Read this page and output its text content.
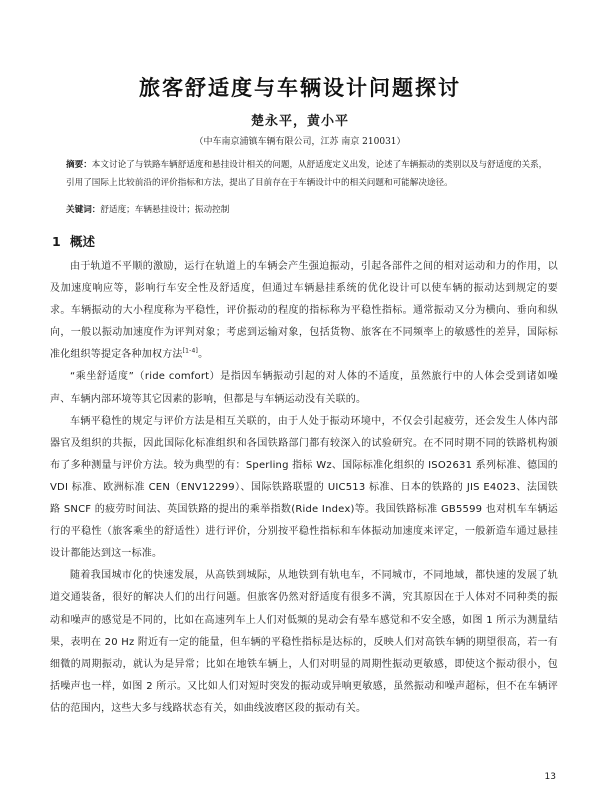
旅客舒适度与车辆设计问题探讨
楚永平，黄小平
（中车南京浦镇车辆有限公司，江苏 南京 210031）
摘要：本文讨论了与铁路车辆舒适度和悬挂设计相关的问题，从舒适度定义出发，论述了车辆振动的类别以及与舒适度的关系，引用了国际上比较前沿的评价指标和方法，提出了目前存在于车辆设计中的相关问题和可能解决途径。
关键词：舒适度；车辆悬挂设计；振动控制
1 概述

由于轨道不平顺的激励，运行在轨道上的车辆会产生强迫振动，引起各部件之间的相对运动和力的作用，以及加速度响应等，影响行车安全性及舒适度，但通过车辆悬挂系统的优化设计可以使车辆的振动达到规定的要求。车辆振动的大小程度称为平稳性，评价振动的程度的指标称为平稳性指标。通常振动又分为横向、垂向和纵向，一般以振动加速度作为评判对象；考虑到运输对象，包括货物、旅客在不同频率上的敏感性的差异，国际标准化组织等提定各种加权方法[1-4]。

“乘坐舒适度”（ride comfort）是指因车辆振动引起的对人体的不适度，虽然旅行中的人体会受到诸如噪声、车辆内部环境等其它因素的影响，但都是与车辆运动没有关联的。

车辆平稳性的规定与评价方法是相互关联的，由于人处于振动环境中，不仅会引起疲劳，还会发生人体内部器官及组织的共振，因此国际化标准组织和各国铁路部门都有较深入的试验研究。在不同时期不同的铁路机构颁布了多种测量与评价方法。较为典型的有：Sperling 指标 Wz、国际标准化组织的 ISO2631 系列标准、德国的 VDI 标准、欧洲标准 CEN（ENV12299）、国际铁路联盟的 UIC513 标准、日本的铁路的 JIS E4023、法国铁路 SNCF 的疲劳时间法、英国铁路的提出的乘举指数(Ride Index)等。我国铁路标准 GB5599 也对机车车辆运行的平稳性（旅客乘坐的舒适性）进行评价，分别按平稳性指标和车体振动加速度来评定，一般新造车通过悬挂设计都能达到这一标准。

随着我国城市化的快速发展，从高铁到城际，从地铁到有轨电车，不同城市，不同地域，都快速的发展了轨道交通装备，很好的解决人们的出行问题。但旅客仍然对舒适度有很多不满，究其原因在于人体对不同种类的振动和噪声的感觉是不同的，比如在高速列车上人们对低频的晃动会有晕车感觉和不安全感，如图 1 所示为测量结果，表明在 20 Hz 附近有一定的能量，但车辆的平稳性指标是达标的，反映人们对高铁车辆的期望很高，若一有细微的周期振动，就认为是异常；比如在地铁车辆上，人们对明显的周期性振动更敏感，即使这个振动很小，包括噪声也一样，如图 2 所示。又比如人们对短时突发的振动或异响更敏感，虽然振动和噪声超标，但不在车辆评估的范围内，这些大多与线路状态有关，如曲线波磨区段的振动有关。

13
